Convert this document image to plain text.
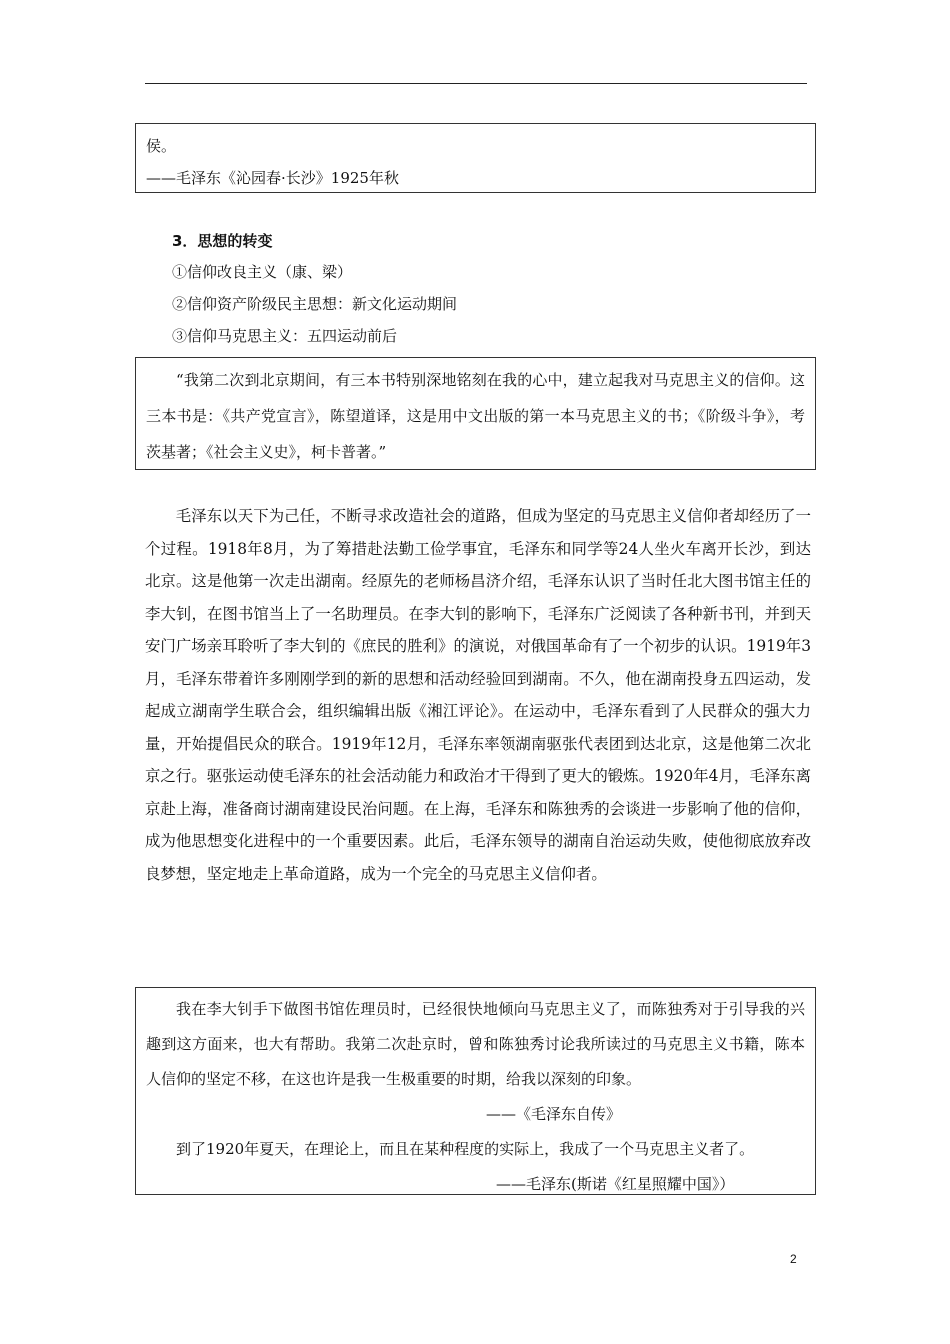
侯。

——毛泽东《沁园春·长沙》1925年秋

3．思想的转变

①信仰改良主义（康、梁）

②信仰资产阶级民主思想：新文化运动期间

③信仰马克思主义：五四运动前后

“我第二次到北京期间，有三本书特别深地铭刻在我的心中，建立起我对马克思主义的信仰。这三本书是：《共产党宣言》，陈望道译，这是用中文出版的第一本马克思主义的书；《阶级斗争》，考茨基著；《社会主义史》，柯卡普著。”

毛泽东以天下为己任，不断寻求改造社会的道路，但成为坚定的马克思主义信仰者却经历了一个过程。1918年8月，为了筹措赴法勤工俭学事宜，毛泽东和同学等24人坐火车离开长沙，到达北京。这是他第一次走出湖南。经原先的老师杨昌济介绍，毛泽东认识了当时任北大图书馆主任的李大钊，在图书馆当上了一名助理员。在李大钊的影响下，毛泽东广泛阅读了各种新书刊，并到天安门广场亲耳聆听了李大钊的《庶民的胜利》的演说，对俄国革命有了一个初步的认识。1919年3月，毛泽东带着许多刚刚学到的新的思想和活动经验回到湖南。不久，他在湖南投身五四运动，发起成立湖南学生联合会，组织编辑出版《湘江评论》。在运动中，毛泽东看到了人民群众的强大力量，开始提倡民众的联合。1919年12月，毛泽东率领湖南驱张代表团到达北京，这是他第二次北京之行。驱张运动使毛泽东的社会活动能力和政治才干得到了更大的锻炼。1920年4月，毛泽东离京赴上海，准备商讨湖南建设民治问题。在上海，毛泽东和陈独秀的会谈进一步影响了他的信仰，成为他思想变化进程中的一个重要因素。此后，毛泽东领导的湖南自治运动失败，使他彻底放弃改良梦想，坚定地走上革命道路，成为一个完全的马克思主义信仰者。

我在李大钊手下做图书馆佐理员时，已经很快地倾向马克思主义了，而陈独秀对于引导我的兴趣到这方面来，也大有帮助。我第二次赴京时，曾和陈独秀讨论我所读过的马克思主义书籍，陈本人信仰的坚定不移，在这也许是我一生极重要的时期，给我以深刻的印象。

——《毛泽东自传》

到了1920年夏天，在理论上，而且在某种程度的实际上，我成了一个马克思主义者了。

——毛泽东(斯诺《红星照耀中国》）

2
